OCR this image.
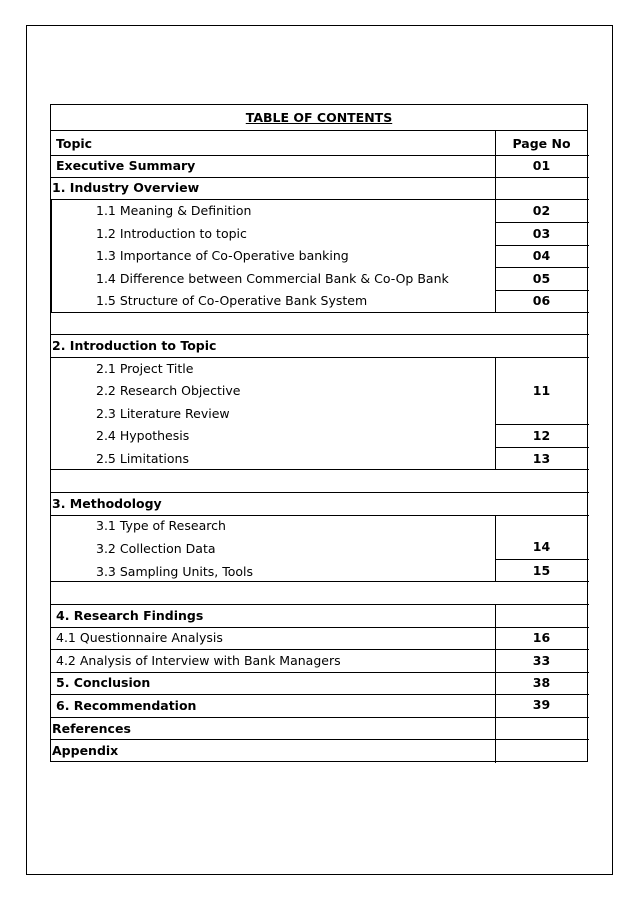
TABLE OF CONTENTS
Topic	Page No
Executive Summary	01
1. Industry Overview
1.1 Meaning & Definition	02
1.2 Introduction to topic	03
1.3 Importance of Co-Operative banking	04
1.4 Difference between Commercial Bank & Co-Op Bank	05
1.5 Structure of Co-Operative Bank System	06
2. Introduction to Topic
2.1 Project Title
2.2 Research Objective	11
2.3 Literature Review
2.4 Hypothesis	12
2.5 Limitations	13
3. Methodology
3.1 Type of Research
3.2 Collection Data	14
3.3 Sampling Units, Tools	15
4. Research Findings
4.1 Questionnaire Analysis	16
4.2 Analysis of Interview with Bank Managers	33
5. Conclusion	38
6. Recommendation	39
References
Appendix
